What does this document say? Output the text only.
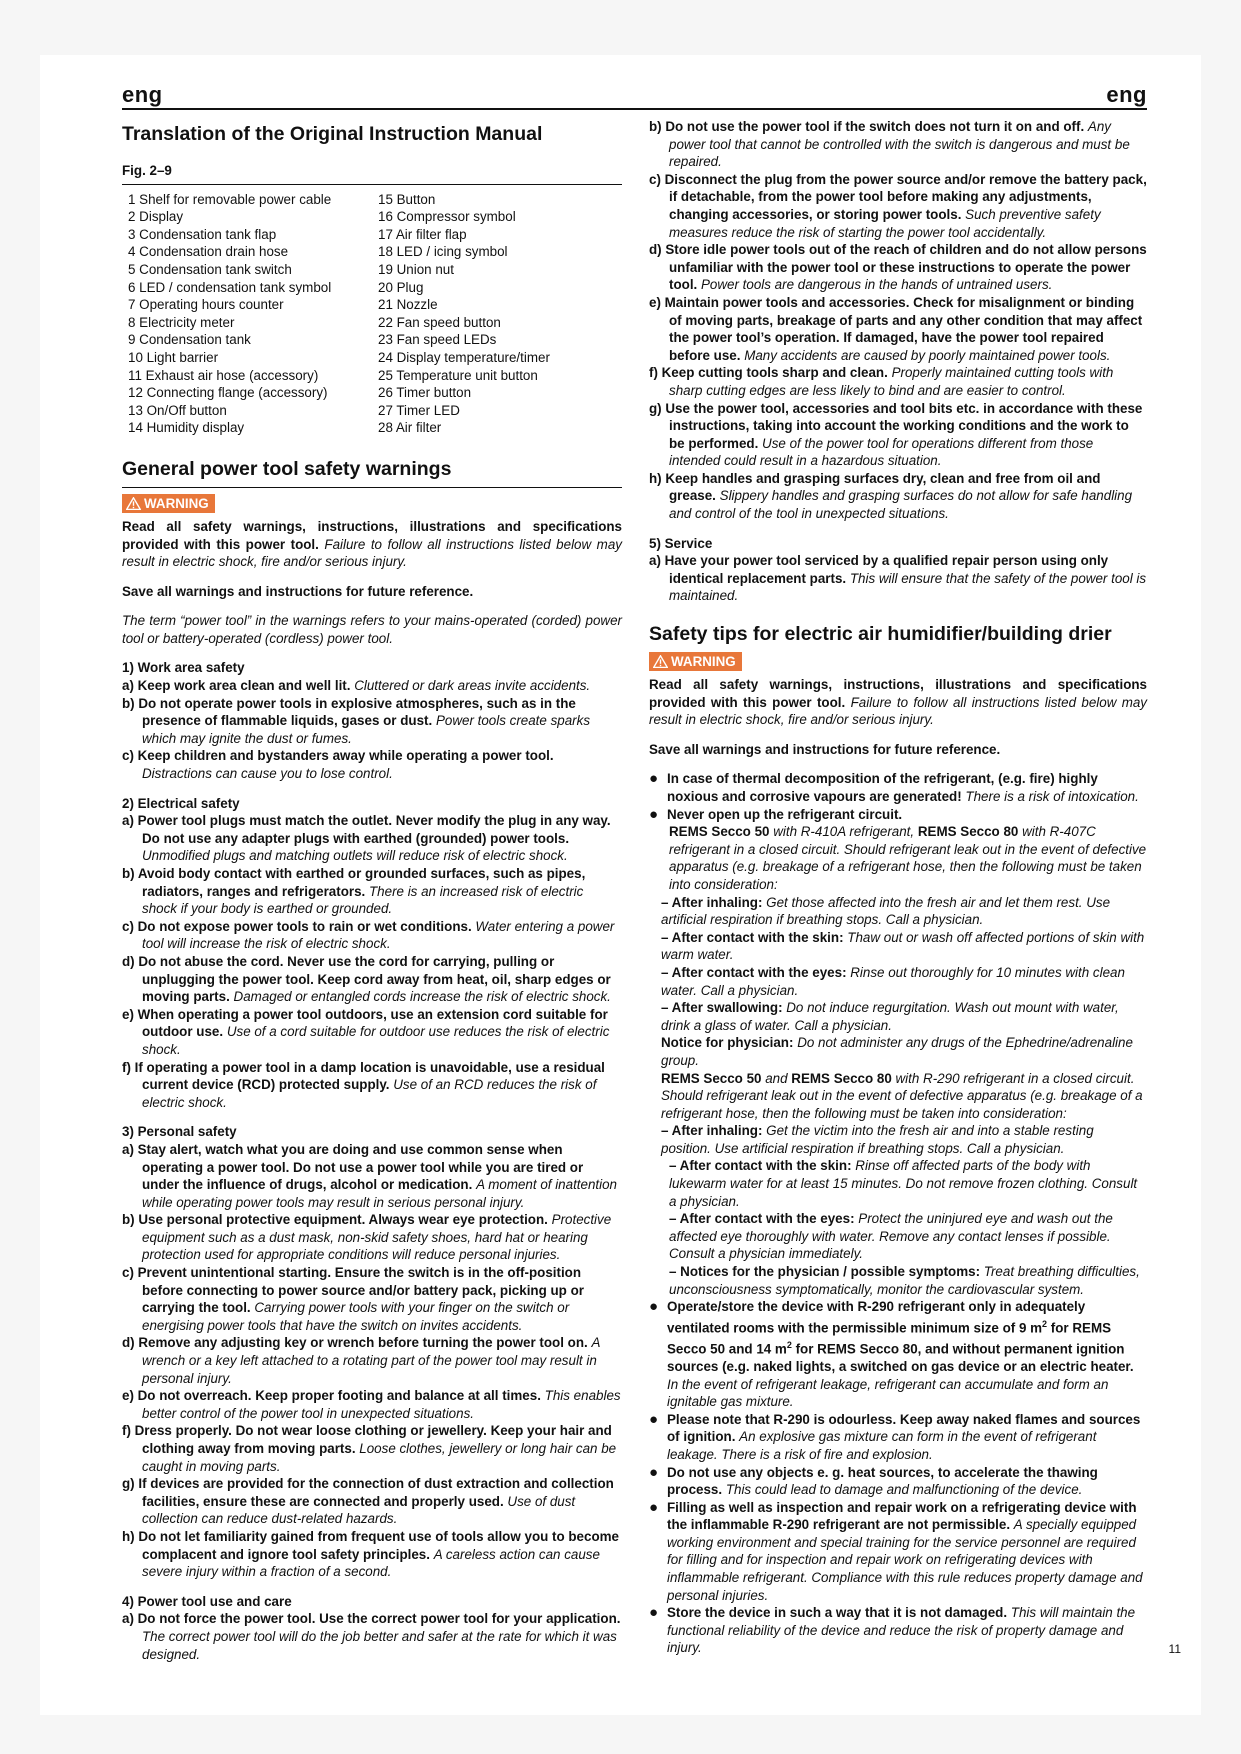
eng	eng
Translation of the Original Instruction Manual
Fig. 2–9
1 Shelf for removable power cable	15 Button
2 Display	16 Compressor symbol
3 Condensation tank flap	17 Air filter flap
4 Condensation drain hose	18 LED / icing symbol
5 Condensation tank switch	19 Union nut
6 LED / condensation tank symbol	20 Plug
7 Operating hours counter	21 Nozzle
8 Electricity meter	22 Fan speed button
9 Condensation tank	23 Fan speed LEDs
10 Light barrier	24 Display temperature/timer
11 Exhaust air hose (accessory)	25 Temperature unit button
12 Connecting flange (accessory)	26 Timer button
13 On/Off button	27 Timer LED
14 Humidity display	28 Air filter
General power tool safety warnings
WARNING

Read all safety warnings, instructions, illustrations and specifications provided with this power tool. Failure to follow all instructions listed below may result in electric shock, fire and/or serious injury.

Save all warnings and instructions for future reference.

The term “power tool” in the warnings refers to your mains-operated (corded) power tool or battery-operated (cordless) power tool.

1) Work area safety

a) Keep work area clean and well lit. Cluttered or dark areas invite accidents.

b) Do not operate power tools in explosive atmospheres, such as in the presence of flammable liquids, gases or dust. Power tools create sparks which may ignite the dust or fumes.

c) Keep children and bystanders away while operating a power tool. Distractions can cause you to lose control.

2) Electrical safety

a) Power tool plugs must match the outlet. Never modify the plug in any way. Do not use any adapter plugs with earthed (grounded) power tools. Unmodified plugs and matching outlets will reduce risk of electric shock.

b) Avoid body contact with earthed or grounded surfaces, such as pipes, radiators, ranges and refrigerators. There is an increased risk of electric shock if your body is earthed or grounded.

c) Do not expose power tools to rain or wet conditions. Water entering a power tool will increase the risk of electric shock.

d) Do not abuse the cord. Never use the cord for carrying, pulling or unplugging the power tool. Keep cord away from heat, oil, sharp edges or moving parts. Damaged or entangled cords increase the risk of electric shock.

e) When operating a power tool outdoors, use an extension cord suitable for outdoor use. Use of a cord suitable for outdoor use reduces the risk of electric shock.

f) If operating a power tool in a damp location is unavoidable, use a residual current device (RCD) protected supply. Use of an RCD reduces the risk of electric shock.

3) Personal safety

a) Stay alert, watch what you are doing and use common sense when operating a power tool. Do not use a power tool while you are tired or under the influence of drugs, alcohol or medication. A moment of inattention while operating power tools may result in serious personal injury.

b) Use personal protective equipment. Always wear eye protection. Protective equipment such as a dust mask, non-skid safety shoes, hard hat or hearing protection used for appropriate conditions will reduce personal injuries.

c) Prevent unintentional starting. Ensure the switch is in the off-position before connecting to power source and/or battery pack, picking up or carrying the tool. Carrying power tools with your finger on the switch or energising power tools that have the switch on invites accidents.

d) Remove any adjusting key or wrench before turning the power tool on. A wrench or a key left attached to a rotating part of the power tool may result in personal injury.

e) Do not overreach. Keep proper footing and balance at all times. This enables better control of the power tool in unexpected situations.

f) Dress properly. Do not wear loose clothing or jewellery. Keep your hair and clothing away from moving parts. Loose clothes, jewellery or long hair can be caught in moving parts.

g) If devices are provided for the connection of dust extraction and collection facilities, ensure these are connected and properly used. Use of dust collection can reduce dust-related hazards.

h) Do not let familiarity gained from frequent use of tools allow you to become complacent and ignore tool safety principles. A careless action can cause severe injury within a fraction of a second.

4) Power tool use and care

a) Do not force the power tool. Use the correct power tool for your application. The correct power tool will do the job better and safer at the rate for which it was designed.

b) Do not use the power tool if the switch does not turn it on and off. Any power tool that cannot be controlled with the switch is dangerous and must be repaired.

c) Disconnect the plug from the power source and/or remove the battery pack, if detachable, from the power tool before making any adjustments, changing accessories, or storing power tools. Such preventive safety measures reduce the risk of starting the power tool accidentally.

d) Store idle power tools out of the reach of children and do not allow persons unfamiliar with the power tool or these instructions to operate the power tool. Power tools are dangerous in the hands of untrained users.

e) Maintain power tools and accessories. Check for misalignment or binding of moving parts, breakage of parts and any other condition that may affect the power tool’s operation. If damaged, have the power tool repaired before use. Many accidents are caused by poorly maintained power tools.

f) Keep cutting tools sharp and clean. Properly maintained cutting tools with sharp cutting edges are less likely to bind and are easier to control.

g) Use the power tool, accessories and tool bits etc. in accordance with these instructions, taking into account the working conditions and the work to be performed. Use of the power tool for operations different from those intended could result in a hazardous situation.

h) Keep handles and grasping surfaces dry, clean and free from oil and grease. Slippery handles and grasping surfaces do not allow for safe handling and control of the tool in unexpected situations.

5) Service

a) Have your power tool serviced by a qualified repair person using only identical replacement parts. This will ensure that the safety of the power tool is maintained.

Safety tips for electric air humidifier/building drier
WARNING

Read all safety warnings, instructions, illustrations and specifications provided with this power tool. Failure to follow all instructions listed below may result in electric shock, fire and/or serious injury.

Save all warnings and instructions for future reference.

● In case of thermal decomposition of the refrigerant, (e.g. fire) highly noxious and corrosive vapours are generated! There is a risk of intoxication.

● Never open up the refrigerant circuit.

REMS Secco 50 with R-410A refrigerant, REMS Secco 80 with R-407C refrigerant in a closed circuit. Should refrigerant leak out in the event of defective apparatus (e.g. breakage of a refrigerant hose, then the following must be taken into consideration:

– After inhaling: Get those affected into the fresh air and let them rest. Use artificial respiration if breathing stops. Call a physician.

– After contact with the skin: Thaw out or wash off affected portions of skin with warm water.

– After contact with the eyes: Rinse out thoroughly for 10 minutes with clean water. Call a physician.

– After swallowing: Do not induce regurgitation. Wash out mount with water, drink a glass of water. Call a physician.

Notice for physician: Do not administer any drugs of the Ephedrine/adrenaline group.

REMS Secco 50 and REMS Secco 80 with R-290 refrigerant in a closed circuit. Should refrigerant leak out in the event of defective apparatus (e.g. breakage of a refrigerant hose, then the following must be taken into consideration:

– After inhaling: Get the victim into the fresh air and into a stable resting position. Use artificial respiration if breathing stops. Call a physician.

– After contact with the skin: Rinse off affected parts of the body with lukewarm water for at least 15 minutes. Do not remove frozen clothing. Consult a physician.

– After contact with the eyes: Protect the uninjured eye and wash out the affected eye thoroughly with water. Remove any contact lenses if possible. Consult a physician immediately.

– Notices for the physician / possible symptoms: Treat breathing difficulties, unconsciousness symptomatically, monitor the cardiovascular system.

● Operate/store the device with R-290 refrigerant only in adequately ventilated rooms with the permissible minimum size of 9 $m^2$ for REMS Secco 50 and 14 $m^2$ for REMS Secco 80, and without permanent ignition sources (e.g. naked lights, a switched on gas device or an electric heater. In the event of refrigerant leakage, refrigerant can accumulate and form an ignitable gas mixture.

● Please note that R-290 is odourless. Keep away naked flames and sources of ignition. An explosive gas mixture can form in the event of refrigerant leakage. There is a risk of fire and explosion.

● Do not use any objects e. g. heat sources, to accelerate the thawing process. This could lead to damage and malfunctioning of the device.

● Filling as well as inspection and repair work on a refrigerating device with the inflammable R-290 refrigerant are not permissible. A specially equipped working environment and special training for the service personnel are required for filling and for inspection and repair work on refrigerating devices with inflammable refrigerant. Compliance with this rule reduces property damage and personal injuries.

● Store the device in such a way that it is not damaged. This will maintain the functional reliability of the device and reduce the risk of property damage and injury.	11
